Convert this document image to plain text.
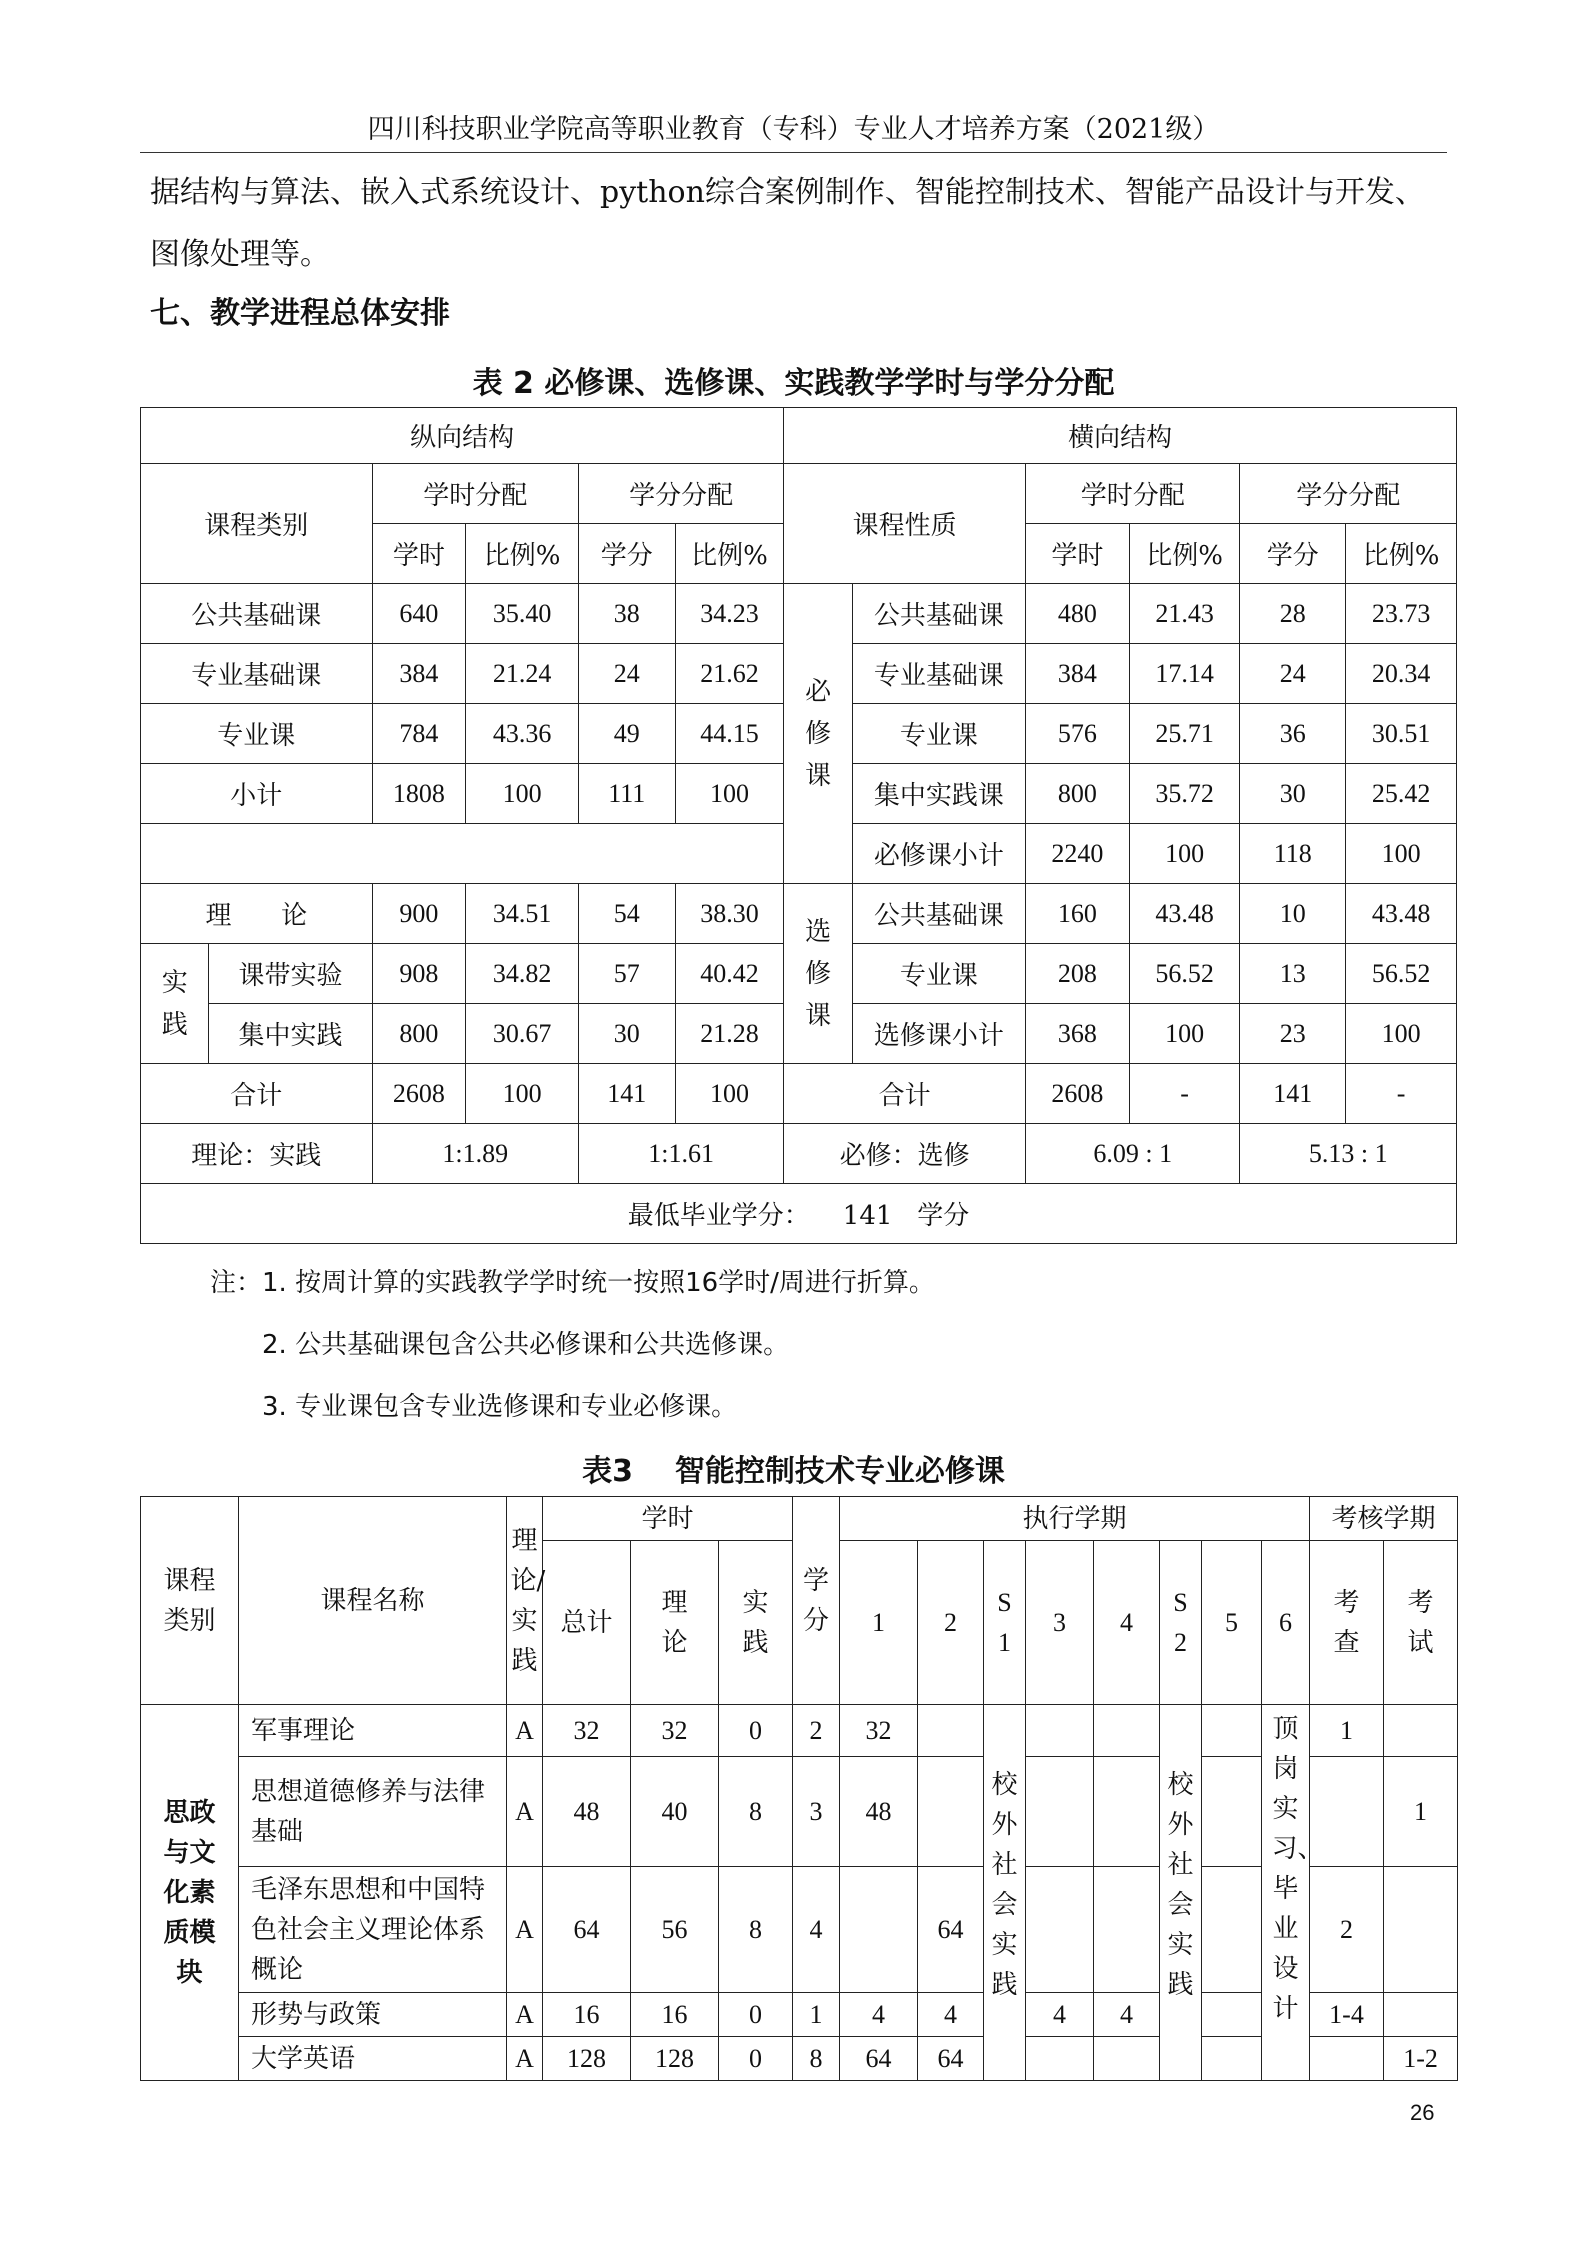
四川科技职业学院高等职业教育（专科）专业人才培养方案（2021级）
据结构与算法、嵌入式系统设计、python综合案例制作、智能控制技术、智能产品设计与开发、图像处理等。
七、教学进程总体安排
表 2 必修课、选修课、实践教学学时与学分分配
纵向结构						横向结构					
课程类别		学时分配		学分分配		课程性质		学时分配		学分分配	
		学时	比例%	学分	比例%			学时	比例%	学分	比例%
公共基础课		640	35.40	38	34.23	必修课	公共基础课	480	21.43	28	23.73
专业基础课		384	21.24	24	21.62		专业基础课	384	17.14	24	20.34
专业课		784	43.36	49	44.15		专业课	576	25.71	36	30.51
小计		1808	100	111	100		集中实践课	800	35.72	30	25.42
							必修课小计	2240	100	118	100
理      论		900	34.51	54	38.30	选修课	公共基础课	160	43.48	10	43.48

实践	课带实验	908	34.82	57	40.42		专业课	208	56.52	13	56.52
	集中实践	800	30.67	30	21.28		选修课小计	368	100	23	100
合计		2608	100	141	100	合计		2608	-	141	-
理论：实践		1:1.89		1:1.61		必修：选修		6.09 : 1		5.13 : 1	
最低毕业学分：    141   学分											
注：1. 按周计算的实践教学学时统一按照16学时/周进行折算。
2. 公共基础课包含公共必修课和公共选修课。
3. 专业课包含专业选修课和专业必修课。
表3    智能控制技术专业必修课
课程类别	课程名称	理论/实践	学时			学分	执行学期								考核学期	
			总计	理论	实践		1	2	S1	3	4	S2	5	6	考查	考试

思政与文化素质模块	军事理论	A	32	32	0	2	32		校外社会实践			校外社会实践		顶岗实习、毕业设计	1	
	思想道德修养与法律基础	A	48	40	8	3	48									1
	毛泽东思想和中国特色社会主义理论体系概论	A	64	56	8	4		64							2	
	形势与政策	A	16	16	0	1	4	4		4	4				1-4	
	大学英语	A	128	128	0	8	64	64								1-2
26
